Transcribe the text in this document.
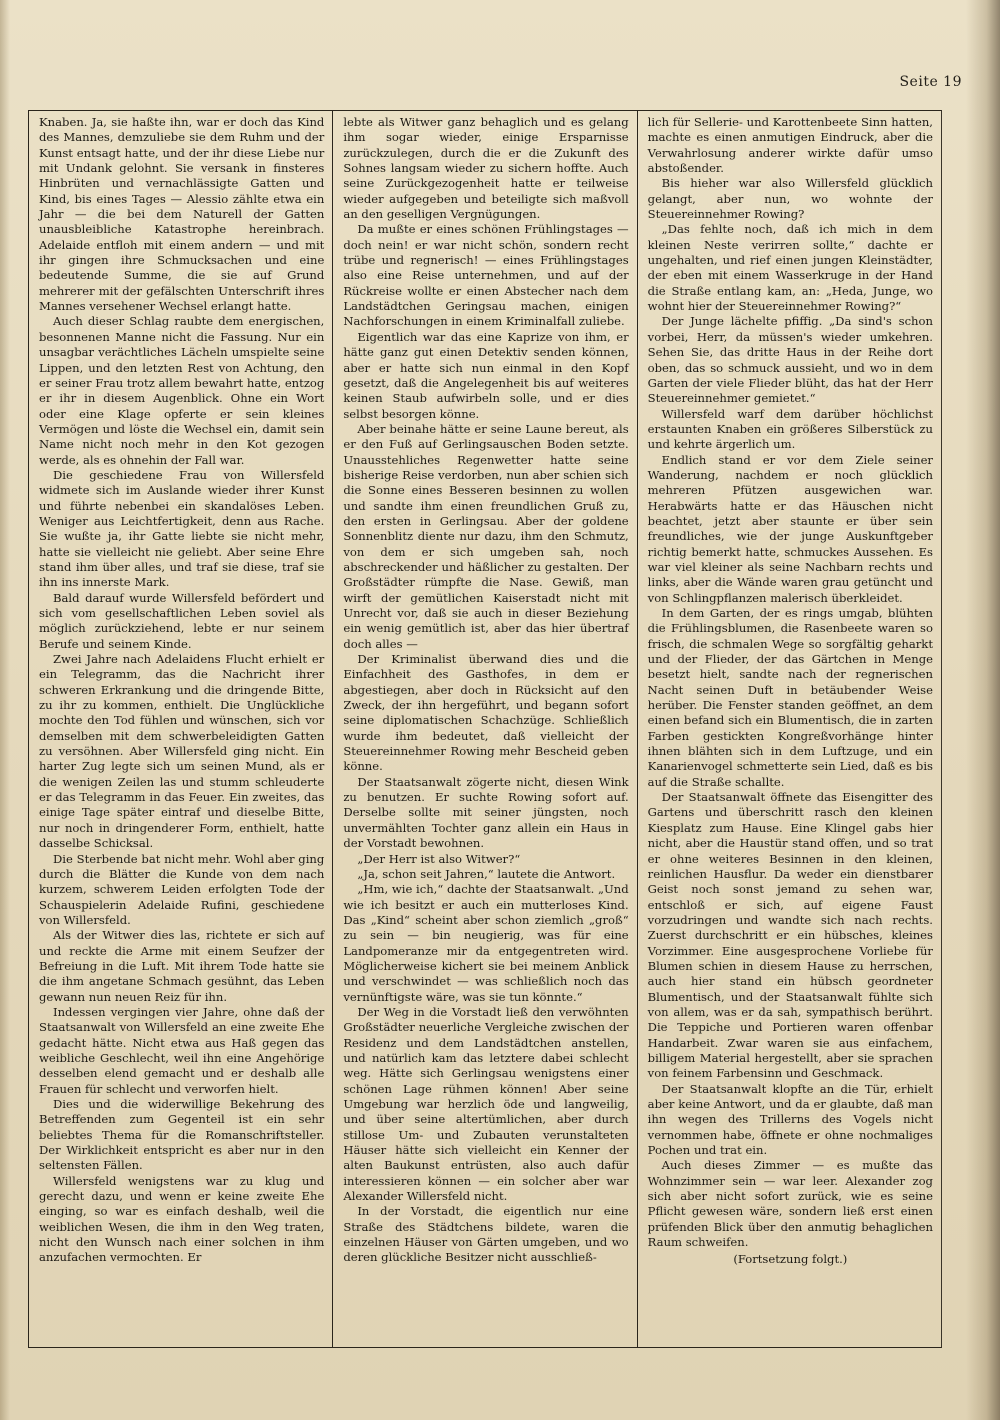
Seite 19

Knaben. Ja, sie haßte ihn, war er doch das Kind des Mannes, demzuliebe sie dem Ruhm und der Kunst entsagt hatte, und der ihr diese Liebe nur mit Undank gelohnt. Sie versank in finsteres Hinbrüten und vernachlässigte Gatten und Kind, bis eines Tages — Alessio zählte etwa ein Jahr — die bei dem Naturell der Gatten unausbleibliche Katastrophe hereinbrach. Adelaide entfloh mit einem andern — und mit ihr gingen ihre Schmucksachen und eine bedeutende Summe, die sie auf Grund mehrerer mit der gefälschten Unterschrift ihres Mannes versehener Wechsel erlangt hatte.

Auch dieser Schlag raubte dem energischen, besonnenen Manne nicht die Fassung. Nur ein unsagbar verächtliches Lächeln umspielte seine Lippen, und den letzten Rest von Achtung, den er seiner Frau trotz allem bewahrt hatte, entzog er ihr in diesem Augenblick. Ohne ein Wort oder eine Klage opferte er sein kleines Vermögen und löste die Wechsel ein, damit sein Name nicht noch mehr in den Kot gezogen werde, als es ohnehin der Fall war.

Die geschiedene Frau von Willersfeld widmete sich im Auslande wieder ihrer Kunst und führte nebenbei ein skandalöses Leben. Weniger aus Leichtfertigkeit, denn aus Rache. Sie wußte ja, ihr Gatte liebte sie nicht mehr, hatte sie vielleicht nie geliebt. Aber seine Ehre stand ihm über alles, und traf sie diese, traf sie ihn ins innerste Mark.

Bald darauf wurde Willersfeld befördert und sich vom gesellschaftlichen Leben soviel als möglich zurückziehend, lebte er nur seinem Berufe und seinem Kinde.

Zwei Jahre nach Adelaidens Flucht erhielt er ein Telegramm, das die Nachricht ihrer schweren Erkrankung und die dringende Bitte, zu ihr zu kommen, enthielt. Die Unglückliche mochte den Tod fühlen und wünschen, sich vor demselben mit dem schwerbeleidigten Gatten zu versöhnen. Aber Willersfeld ging nicht. Ein harter Zug legte sich um seinen Mund, als er die wenigen Zeilen las und stumm schleuderte er das Telegramm in das Feuer. Ein zweites, das einige Tage später eintraf und dieselbe Bitte, nur noch in dringenderer Form, enthielt, hatte dasselbe Schicksal.

Die Sterbende bat nicht mehr. Wohl aber ging durch die Blätter die Kunde von dem nach kurzem, schwerem Leiden erfolgten Tode der Schauspielerin Adelaide Rufini, geschiedene von Willersfeld.

Als der Witwer dies las, richtete er sich auf und reckte die Arme mit einem Seufzer der Befreiung in die Luft. Mit ihrem Tode hatte sie die ihm angetane Schmach gesühnt, das Leben gewann nun neuen Reiz für ihn.

Indessen vergingen vier Jahre, ohne daß der Staatsanwalt von Willersfeld an eine zweite Ehe gedacht hätte. Nicht etwa aus Haß gegen das weibliche Geschlecht, weil ihn eine Angehörige desselben elend gemacht und er deshalb alle Frauen für schlecht und verworfen hielt.

Dies und die widerwillige Bekehrung des Betreffenden zum Gegenteil ist ein sehr beliebtes Thema für die Romanschriftsteller. Der Wirklichkeit entspricht es aber nur in den seltensten Fällen.

Willersfeld wenigstens war zu klug und gerecht dazu, und wenn er keine zweite Ehe einging, so war es einfach deshalb, weil die weiblichen Wesen, die ihm in den Weg traten, nicht den Wunsch nach einer solchen in ihm anzufachen vermochten. Er

lebte als Witwer ganz behaglich und es gelang ihm sogar wieder, einige Ersparnisse zurückzulegen, durch die er die Zukunft des Sohnes langsam wieder zu sichern hoffte. Auch seine Zurückgezogenheit hatte er teilweise wieder aufgegeben und beteiligte sich maßvoll an den geselligen Vergnügungen.

Da mußte er eines schönen Frühlingstages — doch nein! er war nicht schön, sondern recht trübe und regnerisch! — eines Frühlingstages also eine Reise unternehmen, und auf der Rückreise wollte er einen Abstecher nach dem Landstädtchen Geringsau machen, einigen Nachforschungen in einem Kriminalfall zuliebe.

Eigentlich war das eine Kaprize von ihm, er hätte ganz gut einen Detektiv senden können, aber er hatte sich nun einmal in den Kopf gesetzt, daß die Angelegenheit bis auf weiteres keinen Staub aufwirbeln solle, und er dies selbst besorgen könne.

Aber beinahe hätte er seine Laune bereut, als er den Fuß auf Gerlingsauschen Boden setzte. Unausstehliches Regenwetter hatte seine bisherige Reise verdorben, nun aber schien sich die Sonne eines Besseren besinnen zu wollen und sandte ihm einen freundlichen Gruß zu, den ersten in Gerlingsau. Aber der goldene Sonnenblitz diente nur dazu, ihm den Schmutz, von dem er sich umgeben sah, noch abschreckender und häßlicher zu gestalten. Der Großstädter rümpfte die Nase. Gewiß, man wirft der gemütlichen Kaiserstadt nicht mit Unrecht vor, daß sie auch in dieser Beziehung ein wenig gemütlich ist, aber das hier übertraf doch alles —

Der Kriminalist überwand dies und die Einfachheit des Gasthofes, in dem er abgestiegen, aber doch in Rücksicht auf den Zweck, der ihn hergeführt, und begann sofort seine diplomatischen Schachzüge. Schließlich wurde ihm bedeutet, daß vielleicht der Steuereinnehmer Rowing mehr Bescheid geben könne.

Der Staatsanwalt zögerte nicht, diesen Wink zu benutzen. Er suchte Rowing sofort auf. Derselbe sollte mit seiner jüngsten, noch unvermählten Tochter ganz allein ein Haus in der Vorstadt bewohnen.

„Der Herr ist also Witwer?“

„Ja, schon seit Jahren,“ lautete die Antwort.

„Hm, wie ich,“ dachte der Staatsanwalt. „Und wie ich besitzt er auch ein mutterloses Kind. Das „Kind“ scheint aber schon ziemlich „groß“ zu sein — bin neugierig, was für eine Landpomeranze mir da entgegentreten wird. Möglicherweise kichert sie bei meinem Anblick und verschwindet — was schließlich noch das vernünftigste wäre, was sie tun könnte.“

Der Weg in die Vorstadt ließ den verwöhnten Großstädter neuerliche Vergleiche zwischen der Residenz und dem Landstädtchen anstellen, und natürlich kam das letztere dabei schlecht weg. Hätte sich Gerlingsau wenigstens einer schönen Lage rühmen können! Aber seine Umgebung war herzlich öde und langweilig, und über seine altertümlichen, aber durch stillose Um- und Zubauten verunstalteten Häuser hätte sich vielleicht ein Kenner der alten Baukunst entrüsten, also auch dafür interessieren können — ein solcher aber war Alexander Willersfeld nicht.

In der Vorstadt, die eigentlich nur eine Straße des Städtchens bildete, waren die einzelnen Häuser von Gärten umgeben, und wo deren glückliche Besitzer nicht ausschließ-

lich für Sellerie- und Karottenbeete Sinn hatten, machte es einen anmutigen Eindruck, aber die Verwahrlosung anderer wirkte dafür umso abstoßender.

Bis hieher war also Willersfeld glücklich gelangt, aber nun, wo wohnte der Steuereinnehmer Rowing?

„Das fehlte noch, daß ich mich in dem kleinen Neste verirren sollte,“ dachte er ungehalten, und rief einen jungen Kleinstädter, der eben mit einem Wasserkruge in der Hand die Straße entlang kam, an: „Heda, Junge, wo wohnt hier der Steuereinnehmer Rowing?“

Der Junge lächelte pfiffig. „Da sind's schon vorbei, Herr, da müssen's wieder umkehren. Sehen Sie, das dritte Haus in der Reihe dort oben, das so schmuck aussieht, und wo in dem Garten der viele Flieder blüht, das hat der Herr Steuereinnehmer gemietet.“

Willersfeld warf dem darüber höchlichst erstaunten Knaben ein größeres Silberstück zu und kehrte ärgerlich um.

Endlich stand er vor dem Ziele seiner Wanderung, nachdem er noch glücklich mehreren Pfützen ausgewichen war. Herabwärts hatte er das Häuschen nicht beachtet, jetzt aber staunte er über sein freundliches, wie der junge Auskunftgeber richtig bemerkt hatte, schmuckes Aussehen. Es war viel kleiner als seine Nachbarn rechts und links, aber die Wände waren grau getüncht und von Schlingpflanzen malerisch überkleidet.

In dem Garten, der es rings umgab, blühten die Frühlingsblumen, die Rasenbeete waren so frisch, die schmalen Wege so sorgfältig geharkt und der Flieder, der das Gärtchen in Menge besetzt hielt, sandte nach der regnerischen Nacht seinen Duft in betäubender Weise herüber. Die Fenster standen geöffnet, an dem einen befand sich ein Blumentisch, die in zarten Farben gestickten Kongreßvorhänge hinter ihnen blähten sich in dem Luftzuge, und ein Kanarienvogel schmetterte sein Lied, daß es bis auf die Straße schallte.

Der Staatsanwalt öffnete das Eisengitter des Gartens und überschritt rasch den kleinen Kiesplatz zum Hause. Eine Klingel gabs hier nicht, aber die Haustür stand offen, und so trat er ohne weiteres Besinnen in den kleinen, reinlichen Hausflur. Da weder ein dienstbarer Geist noch sonst jemand zu sehen war, entschloß er sich, auf eigene Faust vorzudringen und wandte sich nach rechts. Zuerst durchschritt er ein hübsches, kleines Vorzimmer. Eine ausgesprochene Vorliebe für Blumen schien in diesem Hause zu herrschen, auch hier stand ein hübsch geordneter Blumentisch, und der Staatsanwalt fühlte sich von allem, was er da sah, sympathisch berührt. Die Teppiche und Portieren waren offenbar Handarbeit. Zwar waren sie aus einfachem, billigem Material hergestellt, aber sie sprachen von feinem Farbensinn und Geschmack.

Der Staatsanwalt klopfte an die Tür, erhielt aber keine Antwort, und da er glaubte, daß man ihn wegen des Trillerns des Vogels nicht vernommen habe, öffnete er ohne nochmaliges Pochen und trat ein.

Auch dieses Zimmer — es mußte das Wohnzimmer sein — war leer. Alexander zog sich aber nicht sofort zurück, wie es seine Pflicht gewesen wäre, sondern ließ erst einen prüfenden Blick über den anmutig behaglichen Raum schweifen.

(Fortsetzung folgt.)
